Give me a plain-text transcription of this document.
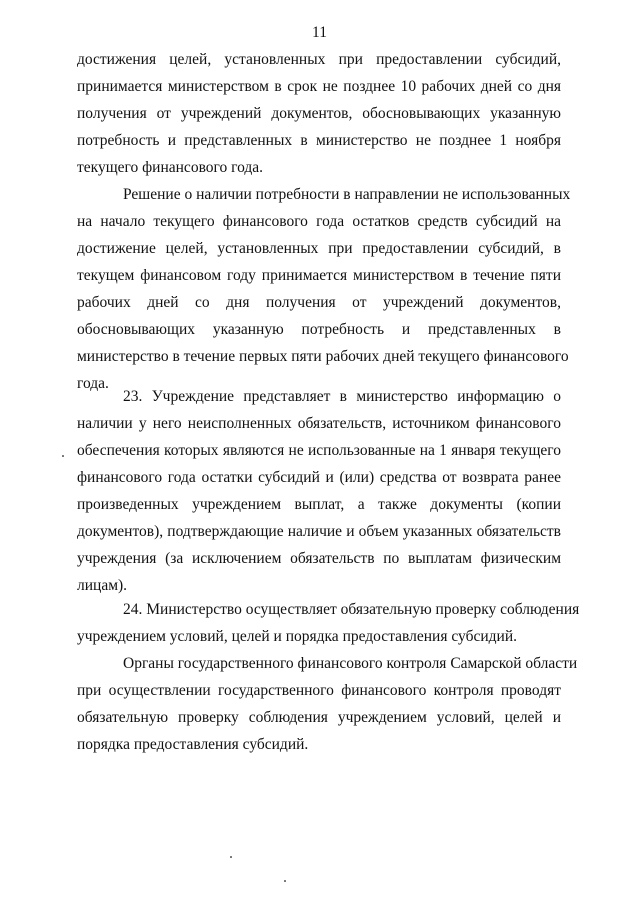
11
достижения целей, установленных при предоставлении субсидий,
принимается министерством в срок не позднее 10 рабочих дней со дня
получения от учреждений документов, обосновывающих указанную
потребность и представленных в министерство не позднее 1 ноября
текущего финансового года.
Решение о наличии потребности в направлении не использованных
на начало текущего финансового года остатков средств субсидий на
достижение целей, установленных при предоставлении субсидий, в
текущем финансовом году принимается министерством в течение пяти
рабочих дней со дня получения от учреждений документов,
обосновывающих указанную потребность и представленных в
министерство в течение первых пяти рабочих дней текущего финансового
года.
23. Учреждение представляет в министерство информацию о
наличии у него неисполненных обязательств, источником финансового
обеспечения которых являются не использованные на 1 января текущего
финансового года остатки субсидий и (или) средства от возврата ранее
произведенных учреждением выплат, а также документы (копии
документов), подтверждающие наличие и объем указанных обязательств
учреждения (за исключением обязательств по выплатам физическим
лицам).
24. Министерство осуществляет обязательную проверку соблюдения
учреждением условий, целей и порядка предоставления субсидий.
Органы государственного финансового контроля Самарской области
при осуществлении государственного финансового контроля проводят
обязательную проверку соблюдения учреждением условий, целей и
порядка предоставления субсидий.
